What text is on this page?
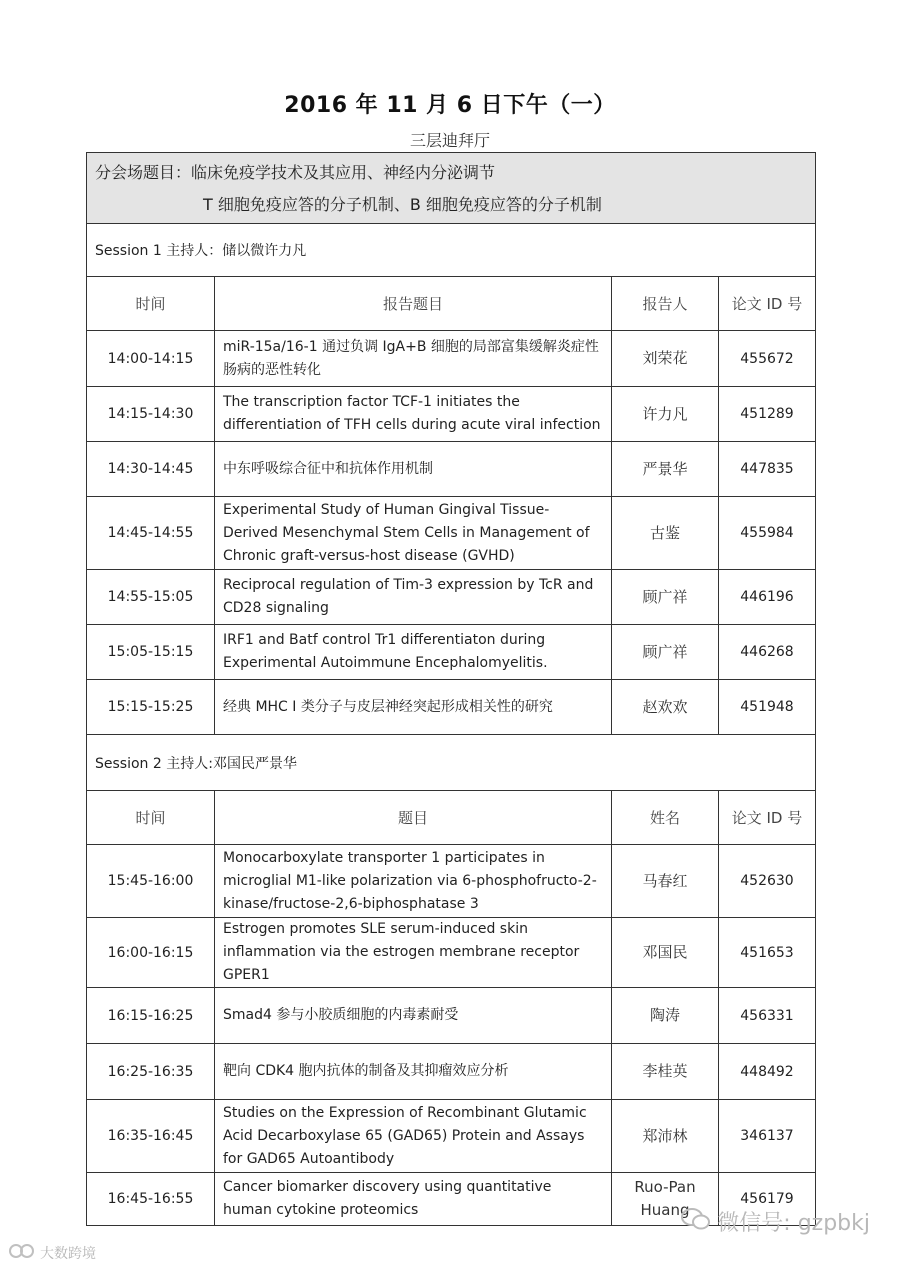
2016 年 11 月 6 日下午（一）
三层迪拜厅
分会场题目：临床免疫学技术及其应用、神经内分泌调节
T 细胞免疫应答的分子机制、B 细胞免疫应答的分子机制			

Session 1 主持人：储以微许力凡			
时间	报告题目	报告人	论文 ID 号
14:00-14:15	miR-15a/16-1 通过负调 IgA+B 细胞的局部富集缓解炎症性肠病的恶性转化	刘荣花	455672
14:15-14:30	The transcription factor TCF-1 initiates the differentiation of TFH cells during acute viral infection	许力凡	451289
14:30-14:45	中东呼吸综合征中和抗体作用机制	严景华	447835
14:45-14:55	Experimental Study of Human Gingival Tissue-Derived Mesenchymal Stem Cells in Management of Chronic graft-versus-host disease (GVHD)	古鉴	455984
14:55-15:05	Reciprocal regulation of Tim-3 expression by TcR and CD28 signaling	顾广祥	446196
15:05-15:15	IRF1 and Batf control Tr1 differentiaton during Experimental Autoimmune Encephalomyelitis.	顾广祥	446268
15:15-15:25	经典 MHC I 类分子与皮层神经突起形成相关性的研究	赵欢欢	451948
Session 2 主持人:邓国民严景华			
时间	题目	姓名	论文 ID 号
15:45-16:00	Monocarboxylate transporter 1 participates in microglial M1-like polarization via 6-phosphofructo-2-kinase/fructose-2,6-biphosphatase 3	马春红	452630
16:00-16:15	Estrogen promotes SLE serum-induced skin inflammation via the estrogen membrane receptor GPER1	邓国民	451653
16:15-16:25	Smad4 参与小胶质细胞的内毒素耐受	陶涛	456331
16:25-16:35	靶向 CDK4 胞内抗体的制备及其抑瘤效应分析	李桂英	448492
16:35-16:45	Studies on the Expression of Recombinant Glutamic Acid Decarboxylase 65 (GAD65) Protein and Assays for GAD65 Autoantibody	郑沛林	346137
16:45-16:55	Cancer biomarker discovery using quantitative human cytokine proteomics	Ruo-Pan Huang	456179
微信号: gzpbkj
大数跨境
